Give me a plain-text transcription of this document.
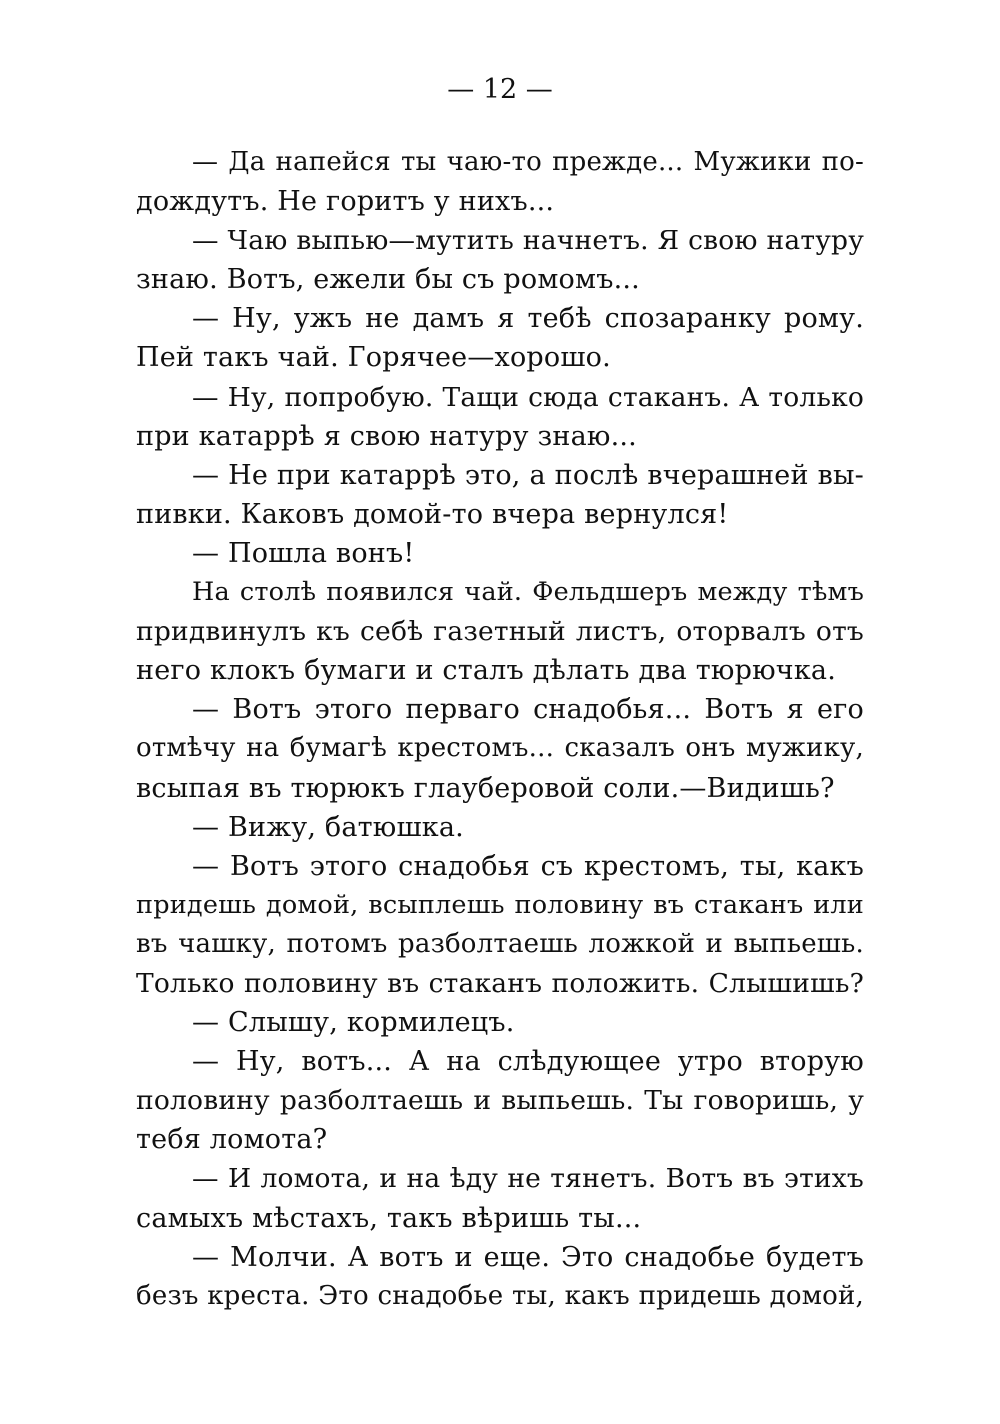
— 12 —
— Да напейся ты чаю-то прежде... Мужики по-
дождутъ. Не горитъ у нихъ...
— Чаю выпью—мутить начнетъ. Я свою натуру
знаю. Вотъ, ежели бы съ ромомъ...
— Ну, ужъ не дамъ я тебѣ спозаранку рому.
Пей такъ чай. Горячее—хорошо.
— Ну, попробую. Тащи сюда стаканъ. А только
при катаррѣ я свою натуру знаю...
— Не при катаррѣ это, а послѣ вчерашней вы-
пивки. Каковъ домой-то вчера вернулся!
— Пошла вонъ!
На столѣ появился чай. Фельдшеръ между тѣмъ
придвинулъ къ себѣ газетный листъ, оторвалъ отъ
него клокъ бумаги и сталъ дѣлать два тюрючка.
— Вотъ этого перваго снадобья... Вотъ я его
отмѣчу на бумагѣ крестомъ... сказалъ онъ мужику,
всыпая въ тюрюкъ глауберовой соли.—Видишь?
— Вижу, батюшка.
— Вотъ этого снадобья съ крестомъ, ты, какъ
придешь домой, всыплешь половину въ стаканъ или
въ чашку, потомъ разболтаешь ложкой и выпьешь.
Только половину въ стаканъ положить. Слышишь?
— Слышу, кормилецъ.
— Ну, вотъ... А на слѣдующее утро вторую
половину разболтаешь и выпьешь. Ты говоришь, у
тебя ломота?
— И ломота, и на ѣду не тянетъ. Вотъ въ этихъ
самыхъ мѣстахъ, такъ вѣришь ты...
— Молчи. А вотъ и еще. Это снадобье будетъ
безъ креста. Это снадобье ты, какъ придешь домой,
